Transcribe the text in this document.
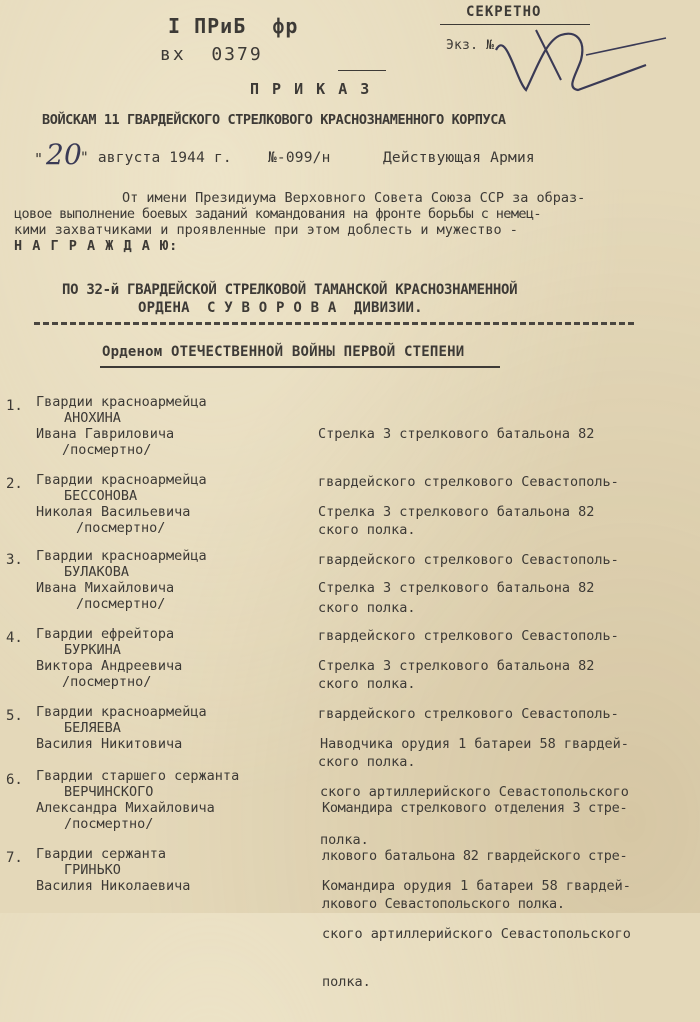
I ПРиБ  фр
вх  0379
СЕКРЕТНО
Экз. №
П Р И К А З
ВОЙСКАМ 11 ГВАРДЕЙСКОГО СТРЕЛКОВОГО КРАСНОЗНАМЕННОГО КОРПУСА
" 20
" августа 1944 г. №-099/н	Действующая Армия
От имени Президиума Верховного Совета Союза ССР за образ-
цовое выполнение боевых заданий командования на фронте борьбы с немец-
кими захватчиками и проявленные при этом доблесть и мужество -
Н А Г Р А Ж Д А Ю:
ПО 32-й ГВАРДЕЙСКОЙ СТРЕЛКОВОЙ ТАМАНСКОЙ КРАСНОЗНАМЕННОЙ
ОРДЕНА  С У В О Р О В А  ДИВИЗИИ.
Орденом ОТЕЧЕСТВЕННОЙ ВОЙНЫ ПЕРВОЙ СТЕПЕНИ
1. Гвардии красноармейца
АНОХИНА
Ивана Гавриловича
/посмертно/

Стрелка 3 стрелкового батальона 82

гвардейского стрелкового Севастополь-

ского полка.

2. Гвардии красноармейца
БЕССОНОВА
Николая Васильевича
/посмертно/

Стрелка 3 стрелкового батальона 82

гвардейского стрелкового Севастополь-

ского полка.

3. Гвардии красноармейца
БУЛАКОВА
Ивана Михайловича
/посмертно/

Стрелка 3 стрелкового батальона 82

гвардейского стрелкового Севастополь-

ского полка.

4. Гвардии ефрейтора
БУРКИНА
Виктора Андреевича
/посмертно/

Стрелка 3 стрелкового батальона 82

гвардейского стрелкового Севастополь-

ского полка.

5. Гвардии красноармейца
БЕЛЯЕВА
Василия Никитовича

	Наводчика орудия 1 батареи 58 гвардей-

ского артиллерийского Севастопольского

полка.

6. Гвардии старшего сержанта
ВЕРЧИНСКОГО
Александра Михайловича
/посмертно/

Командира стрелкового отделения 3 стре-

лкового батальона 82 гвардейского стре-

лкового Севастопольского полка.

7. Гвардии сержанта
ГРИНЬКО
Василия Николаевича

	Командира орудия 1 батареи 58 гвардей-

ского артиллерийского Севастопольского

полка.
